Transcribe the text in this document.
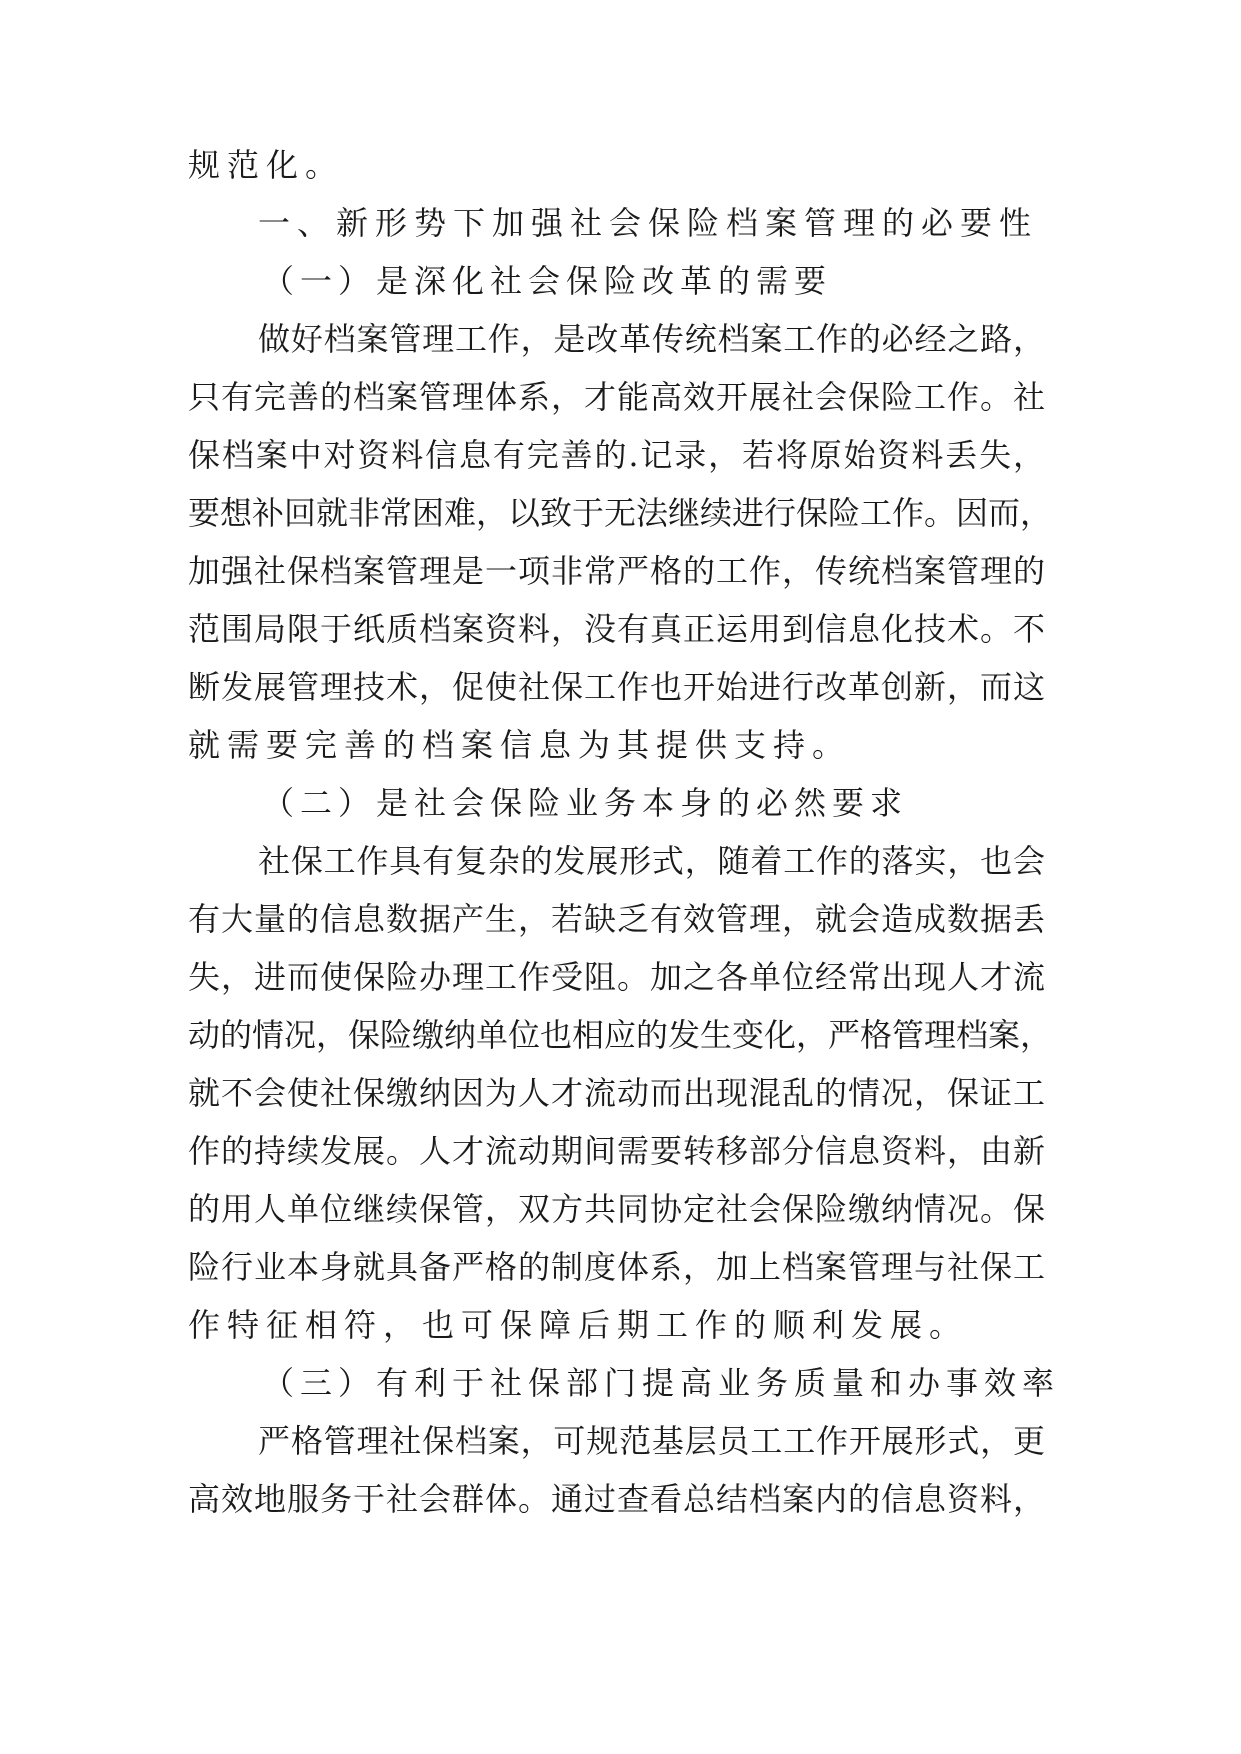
规范化。
一、新形势下加强社会保险档案管理的必要性
（一）是深化社会保险改革的需要
做好档案管理工作，是改革传统档案工作的必经之路，
只有完善的档案管理体系，才能高效开展社会保险工作。社
保档案中对资料信息有完善的.记录，若将原始资料丢失，
要想补回就非常困难，以致于无法继续进行保险工作。因而，
加强社保档案管理是一项非常严格的工作，传统档案管理的
范围局限于纸质档案资料，没有真正运用到信息化技术。不
断发展管理技术，促使社保工作也开始进行改革创新，而这
就需要完善的档案信息为其提供支持。
（二）是社会保险业务本身的必然要求
社保工作具有复杂的发展形式，随着工作的落实，也会
有大量的信息数据产生，若缺乏有效管理，就会造成数据丢
失，进而使保险办理工作受阻。加之各单位经常出现人才流
动的情况，保险缴纳单位也相应的发生变化，严格管理档案，
就不会使社保缴纳因为人才流动而出现混乱的情况，保证工
作的持续发展。人才流动期间需要转移部分信息资料，由新
的用人单位继续保管，双方共同协定社会保险缴纳情况。保
险行业本身就具备严格的制度体系，加上档案管理与社保工
作特征相符，也可保障后期工作的顺利发展。
（三）有利于社保部门提高业务质量和办事效率
严格管理社保档案，可规范基层员工工作开展形式，更
高效地服务于社会群体。通过查看总结档案内的信息资料，
